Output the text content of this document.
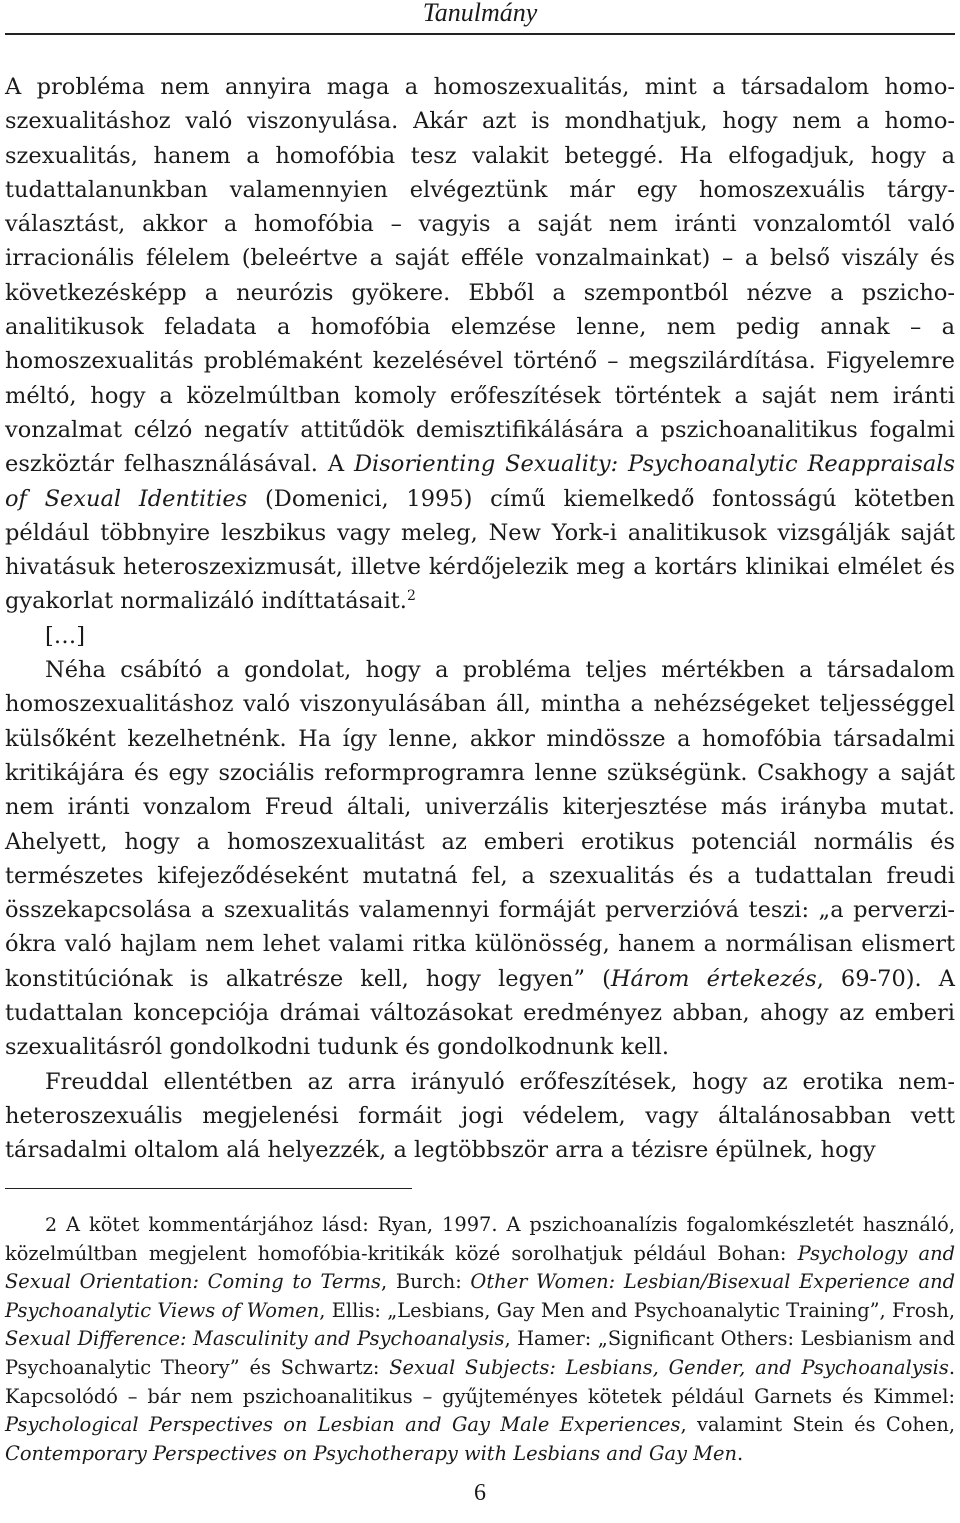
Tanulmány

A probléma nem annyira maga a homoszexualitás, mint a társadalom homoszexualitáshoz való viszonyulása. Akár azt is mondhatjuk, hogy nem a homoszexualitás, hanem a homofóbia tesz valakit beteggé. Ha elfogadjuk, hogy a tudattalanunkban valamennyien elvégeztünk már egy homoszexuális tárgyválasztást, akkor a homofóbia – vagyis a saját nem iránti vonzalomtól való irracionális félelem (beleértve a saját efféle vonzalmainkat) – a belső viszály és következésképp a neurózis gyökere. Ebből a szempontból nézve a pszichoanalitikusok feladata a homofóbia elemzése lenne, nem pedig annak – a homoszexualitás problémaként kezelésével történő – megszilárdítása. Figyelemre méltó, hogy a közelmúltban komoly erőfeszítések történtek a saját nem iránti vonzalmat célzó negatív attitűdök demisztifikálására a pszichoanalitikus fogalmi eszköztár felhasználásával. A Disorienting Sexuality: Psychoanalytic Reappraisals of Sexual Identities (Domenici, 1995) című kiemelkedő fontosságú kötetben például többnyire leszbikus vagy meleg, New York-i analitikusok vizsgálják saját hivatásuk heteroszexizmusát, illetve kérdőjelezik meg a kortárs klinikai elmélet és gyakorlat normalizáló indíttatásait.$^2$

[…]

Néha csábító a gondolat, hogy a probléma teljes mértékben a társadalom homoszexualitáshoz való viszonyulásában áll, mintha a nehézségeket teljességgel külsőként kezelhetnénk. Ha így lenne, akkor mindössze a homofóbia társadalmi kritikájára és egy szociális reformprogramra lenne szükségünk. Csakhogy a saját nem iránti vonzalom Freud általi, univerzális kiterjesztése más irányba mutat. Ahelyett, hogy a homoszexualitást az emberi erotikus potenciál normális és természetes kifejeződéseként mutatná fel, a szexualitás és a tudattalan freudi összekapcsolása a szexualitás valamennyi formáját perverzióvá teszi: „a perverziókra való hajlam nem lehet valami ritka különösség, hanem a normálisan elismert konstitúciónak is alkatrésze kell, hogy legyen” (Három értekezés, 69-70). A tudattalan koncepciója drámai változásokat eredményez abban, ahogy az emberi szexualitásról gondolkodni tudunk és gondolkodnunk kell.

Freuddal ellentétben az arra irányuló erőfeszítések, hogy az erotika nemheteroszexuális megjelenési formáit jogi védelem, vagy általánosabban vett társadalmi oltalom alá helyezzék, a legtöbbször arra a tézisre épülnek, hogy

2 A kötet kommentárjához lásd: Ryan, 1997. A pszichoanalízis fogalomkészletét használó, közelmúltban megjelent homofóbia-kritikák közé sorolhatjuk például Bohan: Psychology and Sexual Orientation: Coming to Terms, Burch: Other Women: Lesbian/Bisexual Experience and Psychoanalytic Views of Women, Ellis: „Lesbians, Gay Men and Psychoanalytic Training”, Frosh, Sexual Difference: Masculinity and Psychoanalysis, Hamer: „Significant Others: Lesbianism and Psychoanalytic Theory” és Schwartz: Sexual Subjects: Lesbians, Gender, and Psychoanalysis. Kapcsolódó – bár nem pszichoanalitikus – gyűjteményes kötetek például Garnets és Kimmel: Psychological Perspectives on Lesbian and Gay Male Experiences, valamint Stein és Cohen, Contemporary Perspectives on Psychotherapy with Lesbians and Gay Men.

6
